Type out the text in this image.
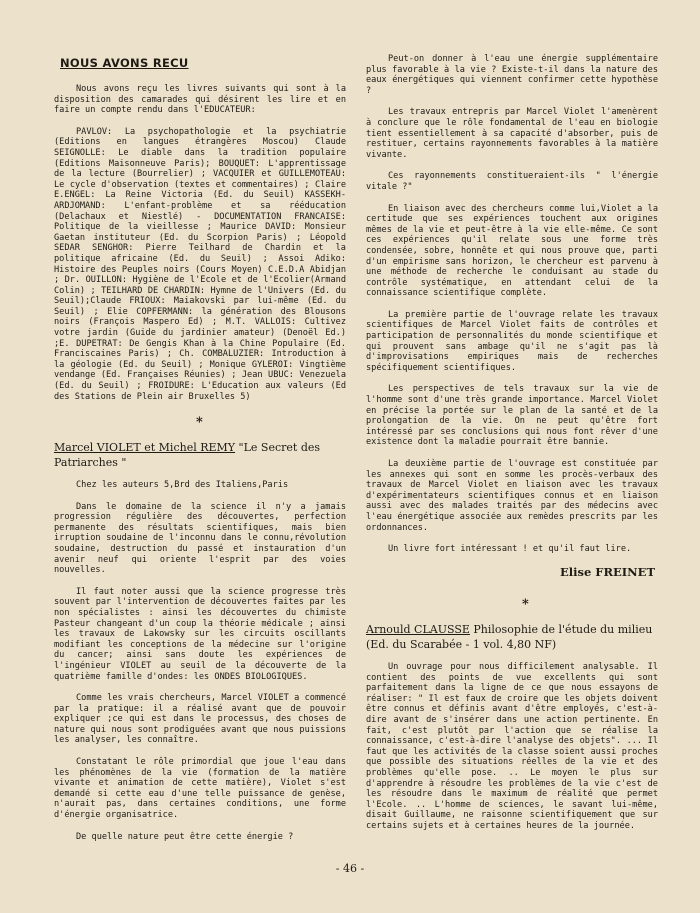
NOUS AVONS RECU

Nous avons reçu les livres suivants qui sont à la disposition des camarades qui désirent les lire et en faire un compte rendu dans l'EDUCATEUR:

PAVLOV: La psychopathologie et la psychiatrie (Editions en langues étrangères Moscou) Claude SEIGNOLLE: Le diable dans la tradition populaire (Editions Maisonneuve Paris); BOUQUET: L'apprentissage de la lecture (Bourrelier) ; VACQUIER et GUILLEMOTEAU: Le cycle d'observation (textes et commentaires) ; Claire E.ENGEL: La Reine Victoria (Ed. du Seuil) KASSEKH-ARDJOMAND: L'enfant-problème et sa rééducation (Delachaux et Niestlé) - DOCUMENTATION FRANCAISE: Politique de la vieillesse ; Maurice DAVID: Monsieur Gaetan instituteur (Ed. du Scorpion Paris) ; Léopold SEDAR SENGHOR: Pierre Teilhard de Chardin et la politique africaine (Ed. du Seuil) ; Assoi Adiko: Histoire des Peuples noirs (Cours Moyen) C.E.D.A Abidjan ; Dr. OUILLON: Hygiène de l'Ecole et de l'Ecolier(Armand Colin) ; TEILHARD DE CHARDIN: Hymne de l'Univers (Ed. du Seuil);Claude FRIOUX: Maiakovski par lui-même (Ed. du Seuil) ; Elie COPFERMANN: la génération des Blousons noirs (François Maspero Ed) ; M.T. VALLOIS: Cultivez votre jardin (Guide du jardinier amateur) (Denoël Ed.) ;E. DUPETRAT: De Gengis Khan à la Chine Populaire (Ed. Franciscaines Paris) ; Ch. COMBALUZIER: Introduction à la géologie (Ed. du Seuil) ; Monique GYLEROI: Vingtième vendange (Ed. Françaises Réunies) ; Jean UBUC: Venezuela (Ed. du Seuil) ; FROIDURE: L'Education aux valeurs (Ed des Stations de Plein air Bruxelles 5)

*
Marcel VIOLET et Michel REMY "Le Secret des Patriarches "

Chez les auteurs 5,Brd des Italiens,Paris

Dans le domaine de la science il n'y a jamais progression régulière des découvertes, perfection permanente des résultats scientifiques, mais bien irruption soudaine de l'inconnu dans le connu,révolution soudaine, destruction du passé et instauration d'un avenir neuf qui oriente l'esprit par des voies nouvelles.

Il faut noter aussi que la science progresse très souvent par l'intervention de découvertes faites par les non spécialistes : ainsi les découvertes du chimiste Pasteur changeant d'un coup la théorie médicale ; ainsi les travaux de Lakowsky sur les circuits oscillants modifiant les conceptions de la médecine sur l'origine du cancer; ainsi sans doute les expériences de l'ingénieur VIOLET au seuil de la découverte de la quatrième famille d'ondes: les ONDES BIOLOGIQUES.

Comme les vrais chercheurs, Marcel VIOLET a commencé par la pratique: il a réalisé avant que de pouvoir expliquer ;ce qui est dans le processus, des choses de nature qui nous sont prodiguées avant que nous puissions les analyser, les connaître.

Constatant le rôle primordial que joue l'eau dans les phénomènes de la vie (formation de la matière vivante et animation de cette matière), Violet s'est demandé si cette eau d'une telle puissance de genèse, n'aurait pas, dans certaines conditions, une forme d'énergie organisatrice.

De quelle nature peut être cette énergie ?

Peut-on donner à l'eau une énergie supplémentaire plus favorable à la vie ? Existe-t-il dans la nature des eaux énergétiques qui viennent confirmer cette hypothèse ?

Les travaux entrepris par Marcel Violet l'amenèrent à conclure que le rôle fondamental de l'eau en biologie tient essentiellement à sa capacité d'absorber, puis de restituer, certains rayonnements favorables à la matière vivante.

Ces rayonnements constitueraient-ils " l'énergie vitale ?"

En liaison avec des chercheurs comme lui,Violet a la certitude que ses expériences touchent aux origines mêmes de la vie et peut-être à la vie elle-même. Ce sont ces expériences qu'il relate sous une forme très condensée, sobre, honnête et qui nous prouve que, parti d'un empirisme sans horizon, le chercheur est parvenu à une méthode de recherche le conduisant au stade du contrôle systématique, en attendant celui de la connaissance scientifique complète.

La première partie de l'ouvrage relate les travaux scientifiques de Marcel Violet faits de contrôles et participation de personnalités du monde scientifique et qui prouvent sans ambage qu'il ne s'agit pas là d'improvisations empiriques mais de recherches spécifiquement scientifiques.

Les perspectives de tels travaux sur la vie de l'homme sont d'une très grande importance. Marcel Violet en précise la portée sur le plan de la santé et de la prolongation de la vie. On ne peut qu'être fort intéressé par ses conclusions qui nous font rêver d'une existence dont la maladie pourrait être bannie.

La deuxième partie de l'ouvrage est constituée par les annexes qui sont en somme les procès-verbaux des travaux de Marcel Violet en liaison avec les travaux d'expérimentateurs scientifiques connus et en liaison aussi avec des malades traités par des médecins avec l'eau énergétique associée aux remèdes prescrits par les ordonnances.

Un livre fort intéressant ! et qu'il faut lire.

Elise FREINET
*
Arnould CLAUSSE Philosophie de l'étude du milieu (Ed. du Scarabée - 1 vol. 4,80 NF)

Un ouvrage pour nous difficilement analysable. Il contient des points de vue excellents qui sont parfaitement dans la ligne de ce que nous essayons de réaliser: " Il est faux de croire que les objets doivent être connus et définis avant d'être employés, c'est-à-dire avant de s'insérer dans une action pertinente. En fait, c'est plutôt par l'action que se réalise la connaissance, c'est-à-dire l'analyse des objets". ... Il faut que les activités de la classe soient aussi proches que possible des situations réelles de la vie et des problèmes qu'elle pose. .. Le moyen le plus sur d'apprendre à résoudre les problèmes de la vie c'est de les résoudre dans le maximum de réalité que permet l'Ecole. .. L'homme de sciences, le savant lui-même, disait Guillaume, ne raisonne scientifiquement que sur certains sujets et à certaines heures de la journée.

- 46 -
